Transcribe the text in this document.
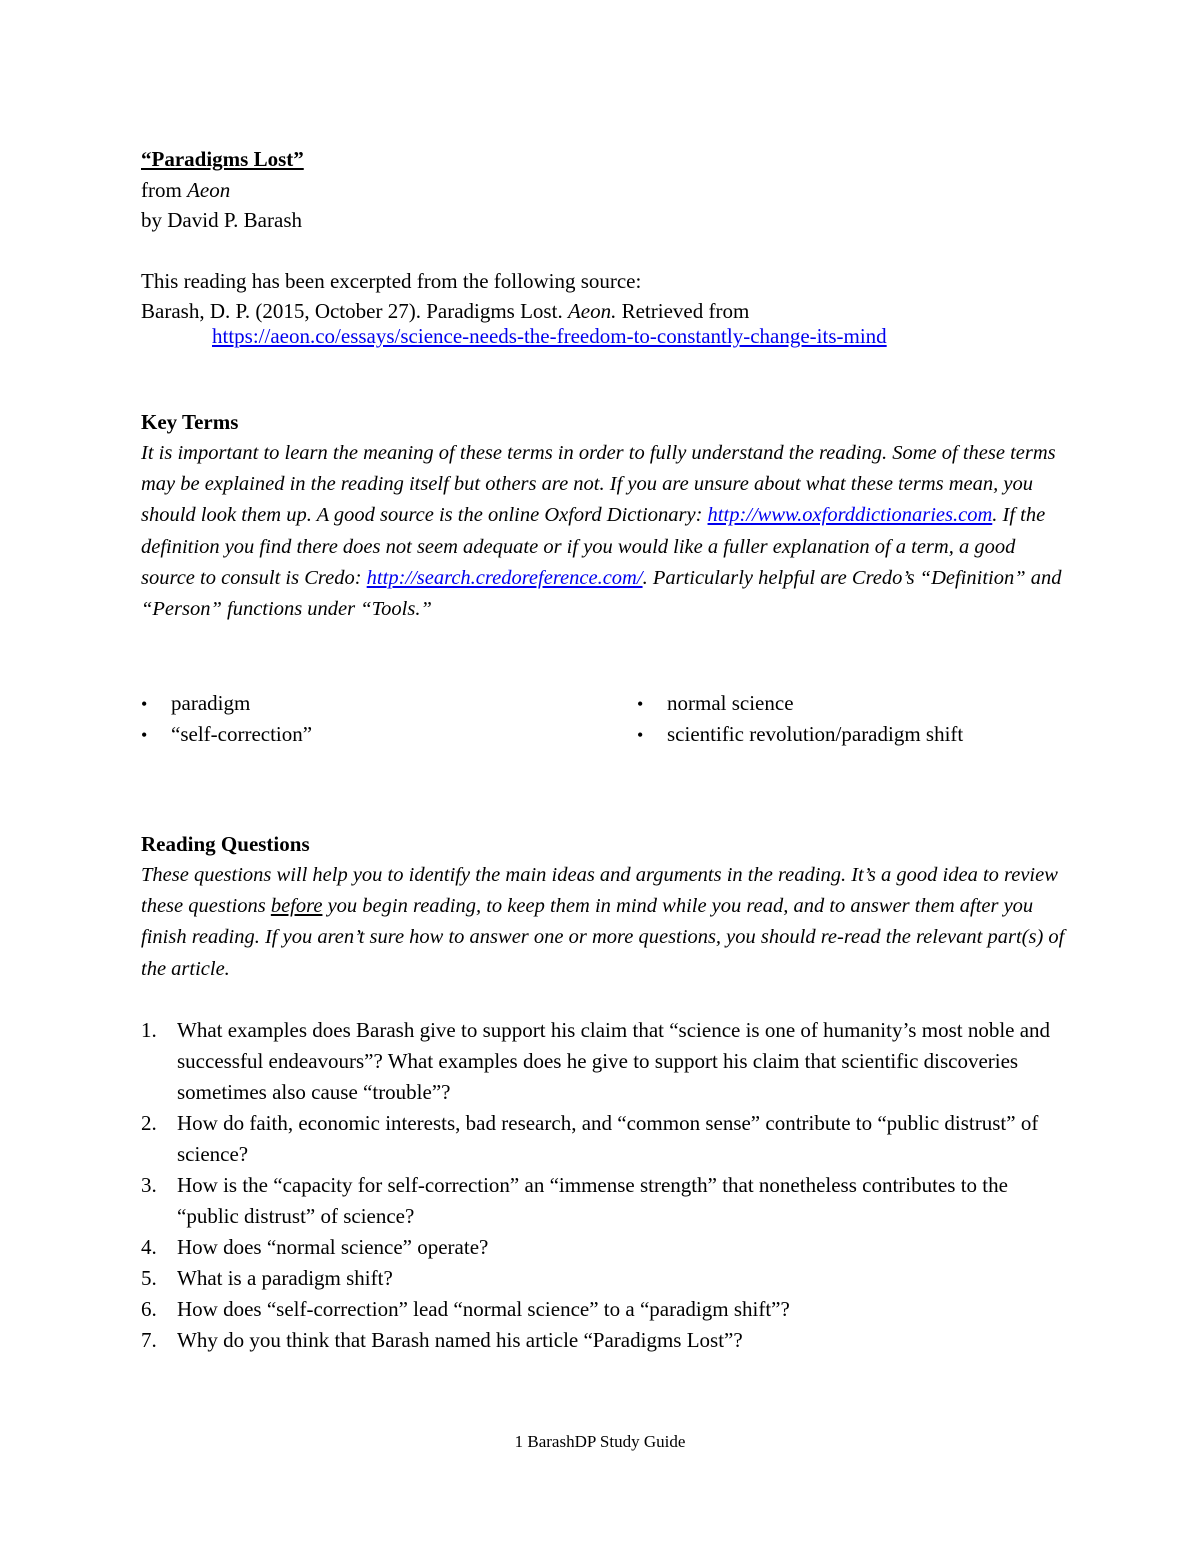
“Paradigms Lost”
from Aeon
by David P. Barash
This reading has been excerpted from the following source:
Barash, D. P. (2015, October 27). Paradigms Lost. Aeon. Retrieved from
https://aeon.co/essays/science-needs-the-freedom-to-constantly-change-its-mind
Key Terms
It is important to learn the meaning of these terms in order to fully understand the reading. Some of these terms may be explained in the reading itself but others are not. If you are unsure about what these terms mean, you should look them up. A good source is the online Oxford Dictionary: http://www.oxforddictionaries.com. If the definition you find there does not seem adequate or if you would like a fuller explanation of a term, a good source to consult is Credo: http://search.credoreference.com/. Particularly helpful are Credo’s “Definition” and “Person” functions under “Tools.”
• paradigm
• “self-correction”
• normal science
• scientific revolution/paradigm shift
Reading Questions
These questions will help you to identify the main ideas and arguments in the reading. It’s a good idea to review these questions before you begin reading, to keep them in mind while you read, and to answer them after you finish reading. If you aren’t sure how to answer one or more questions, you should re-read the relevant part(s) of the article.
1. What examples does Barash give to support his claim that “science is one of humanity’s most noble and successful endeavours”? What examples does he give to support his claim that scientific discoveries sometimes also cause “trouble”?
2. How do faith, economic interests, bad research, and “common sense” contribute to “public distrust” of science?
3. How is the “capacity for self-correction” an “immense strength” that nonetheless contributes to the “public distrust” of science?
4. How does “normal science” operate?
5. What is a paradigm shift?
6. How does “self-correction” lead “normal science” to a “paradigm shift”?
7. Why do you think that Barash named his article “Paradigms Lost”?
1 BarashDP Study Guide
